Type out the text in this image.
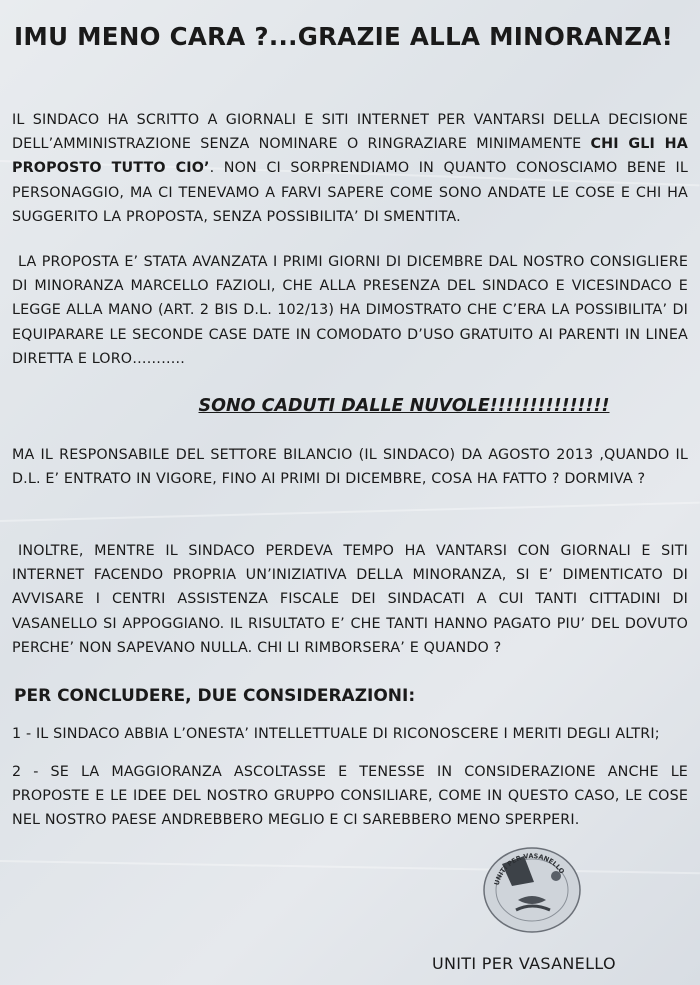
IMU MENO CARA ?...GRAZIE ALLA MINORANZA!
IL SINDACO HA SCRITTO A GIORNALI E SITI INTERNET PER VANTARSI DELLA DECISIONE DELL’AMMINISTRAZIONE SENZA NOMINARE O RINGRAZIARE MINIMAMENTE CHI GLI HA PROPOSTO TUTTO CIO’. NON CI SORPRENDIAMO IN QUANTO CONOSCIAMO BENE IL PERSONAGGIO, MA CI TENEVAMO A FARVI SAPERE COME SONO ANDATE LE COSE E CHI HA SUGGERITO LA PROPOSTA, SENZA POSSIBILITA’ DI SMENTITA.
LA PROPOSTA E’ STATA AVANZATA I PRIMI GIORNI DI DICEMBRE DAL NOSTRO CONSIGLIERE DI MINORANZA MARCELLO FAZIOLI, CHE ALLA PRESENZA DEL SINDACO E VICESINDACO E LEGGE ALLA MANO (ART. 2 BIS D.L. 102/13) HA DIMOSTRATO CHE C’ERA LA POSSIBILITA’ DI EQUIPARARE LE SECONDE CASE DATE IN COMODATO D’USO GRATUITO AI PARENTI IN LINEA DIRETTA E LORO………..
SONO CADUTI DALLE NUVOLE!!!!!!!!!!!!!!!
MA IL RESPONSABILE DEL SETTORE BILANCIO (IL SINDACO) DA AGOSTO 2013 ,QUANDO IL D.L. E’ ENTRATO IN VIGORE, FINO AI PRIMI DI DICEMBRE, COSA HA FATTO ? DORMIVA ?
INOLTRE, MENTRE IL SINDACO PERDEVA TEMPO HA VANTARSI CON GIORNALI E SITI INTERNET FACENDO PROPRIA UN’INIZIATIVA DELLA MINORANZA, SI E’ DIMENTICATO DI AVVISARE I CENTRI ASSISTENZA FISCALE DEI SINDACATI A CUI TANTI CITTADINI DI VASANELLO SI APPOGGIANO. IL RISULTATO E’ CHE TANTI HANNO PAGATO PIU’ DEL DOVUTO PERCHE’ NON SAPEVANO NULLA. CHI LI RIMBORSERA’ E QUANDO ?
PER CONCLUDERE, DUE CONSIDERAZIONI:
1 - IL SINDACO ABBIA L’ONESTA’ INTELLETTUALE DI RICONOSCERE I MERITI DEGLI ALTRI;
2 - SE LA MAGGIORANZA ASCOLTASSE E TENESSE IN CONSIDERAZIONE ANCHE LE PROPOSTE E LE IDEE DEL NOSTRO GRUPPO CONSILIARE, COME IN QUESTO CASO, LE COSE NEL NOSTRO PAESE ANDREBBERO MEGLIO E CI SAREBBERO MENO SPERPERI.
UNITI PER VASANELLO
UNITI PER VASANELLO
